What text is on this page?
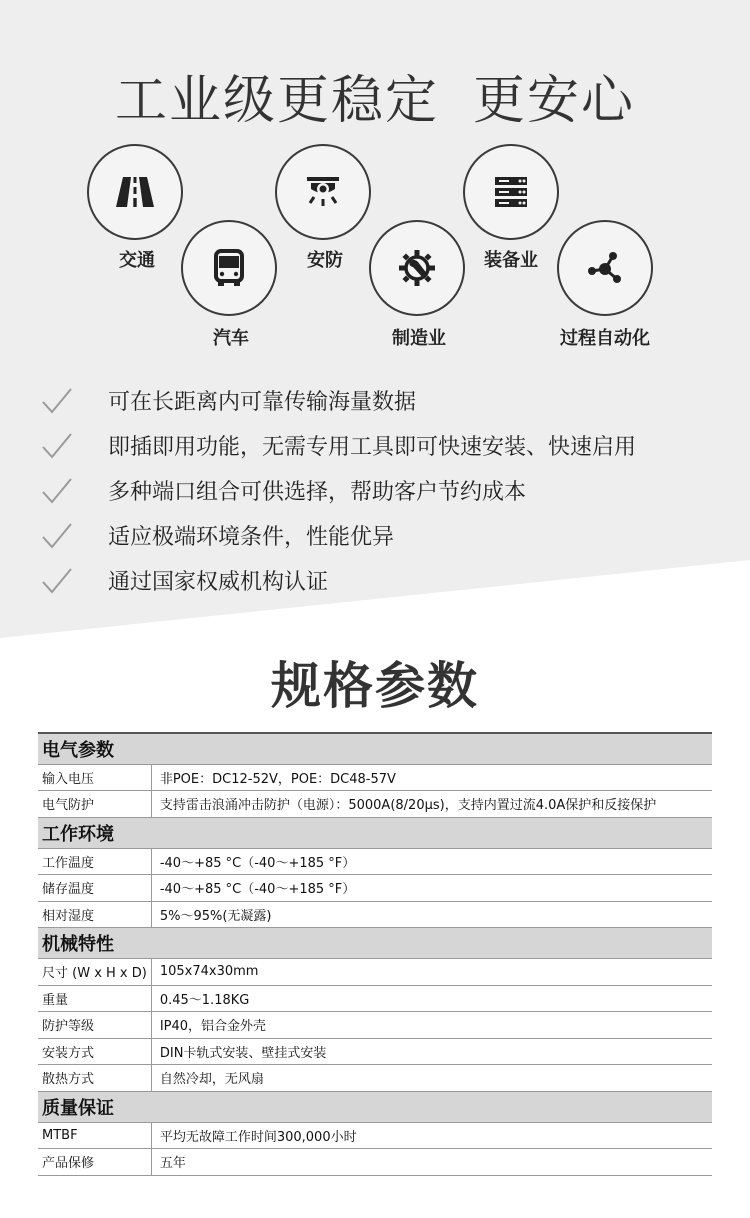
工业级更稳定 更安心
交通
汽车
安防
制造业
装备业
过程自动化
可在长距离内可靠传输海量数据
即插即用功能，无需专用工具即可快速安装、快速启用
多种端口组合可供选择，帮助客户节约成本
适应极端环境条件，性能优异
通过国家权威机构认证
规格参数
电气参数	
输入电压	非POE：DC12-52V，POE：DC48-57V
电气防护	支持雷击浪涌冲击防护（电源）：5000A(8/20μs)，支持内置过流4.0A保护和反接保护
工作环境	
工作温度	-40～+85 °C（-40～+185 °F）
储存温度	-40～+85 °C（-40～+185 °F）
相对湿度	5%～95%(无凝露)
机械特性	
尺寸 (W x H x D)	105x74x30mm
重量	0.45～1.18KG
防护等级	IP40，铝合金外壳
安装方式	DIN卡轨式安装、壁挂式安装
散热方式	自然冷却，无风扇
质量保证	
MTBF	平均无故障工作时间300,000小时
产品保修	五年
